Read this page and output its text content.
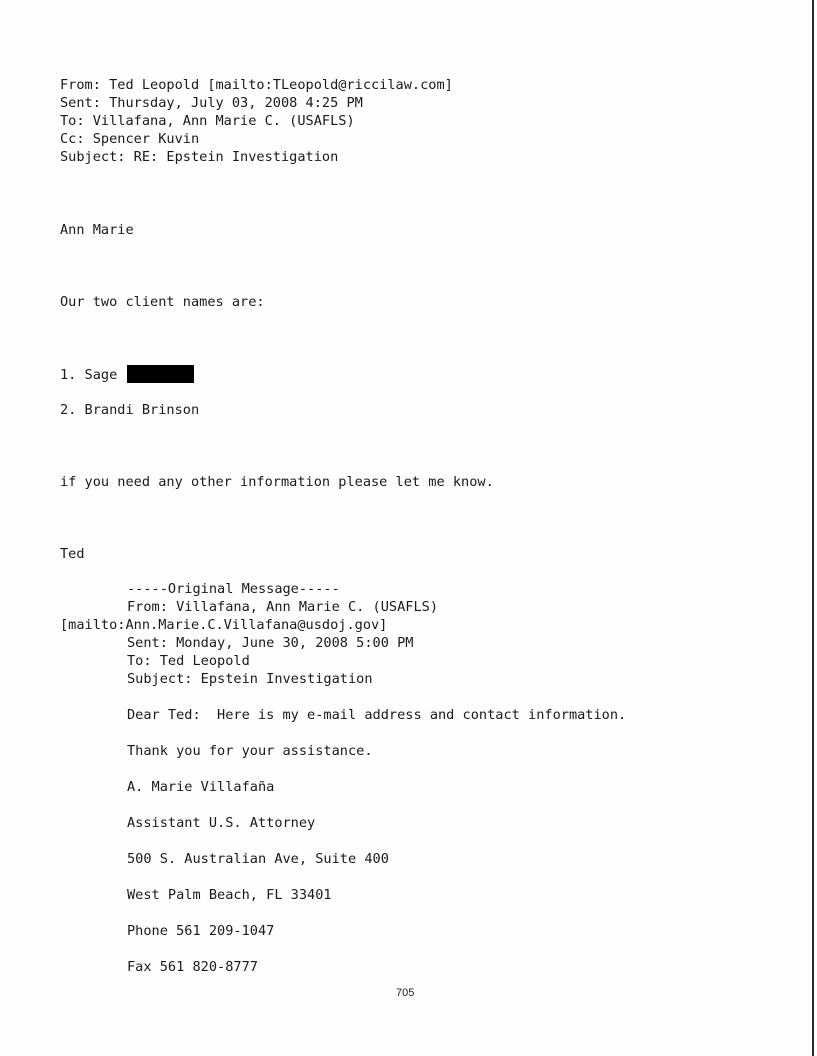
From: Ted Leopold [mailto:TLeopold@riccilaw.com]
Sent: Thursday, July 03, 2008 4:25 PM
To: Villafana, Ann Marie C. (USAFLS)
Cc: Spencer Kuvin
Subject: RE: Epstein Investigation
Ann Marie
Our two client names are:
1. Sage
2. Brandi Brinson
if you need any other information please let me know.
Ted
-----Original Message-----
From: Villafana, Ann Marie C. (USAFLS)
[mailto:Ann.Marie.C.Villafana@usdoj.gov]
Sent: Monday, June 30, 2008 5:00 PM
To: Ted Leopold
Subject: Epstein Investigation
Dear Ted:  Here is my e-mail address and contact information.
Thank you for your assistance.
A. Marie Villafaña
Assistant U.S. Attorney
500 S. Australian Ave, Suite 400
West Palm Beach, FL 33401
Phone 561 209-1047
Fax 561 820-8777
705
